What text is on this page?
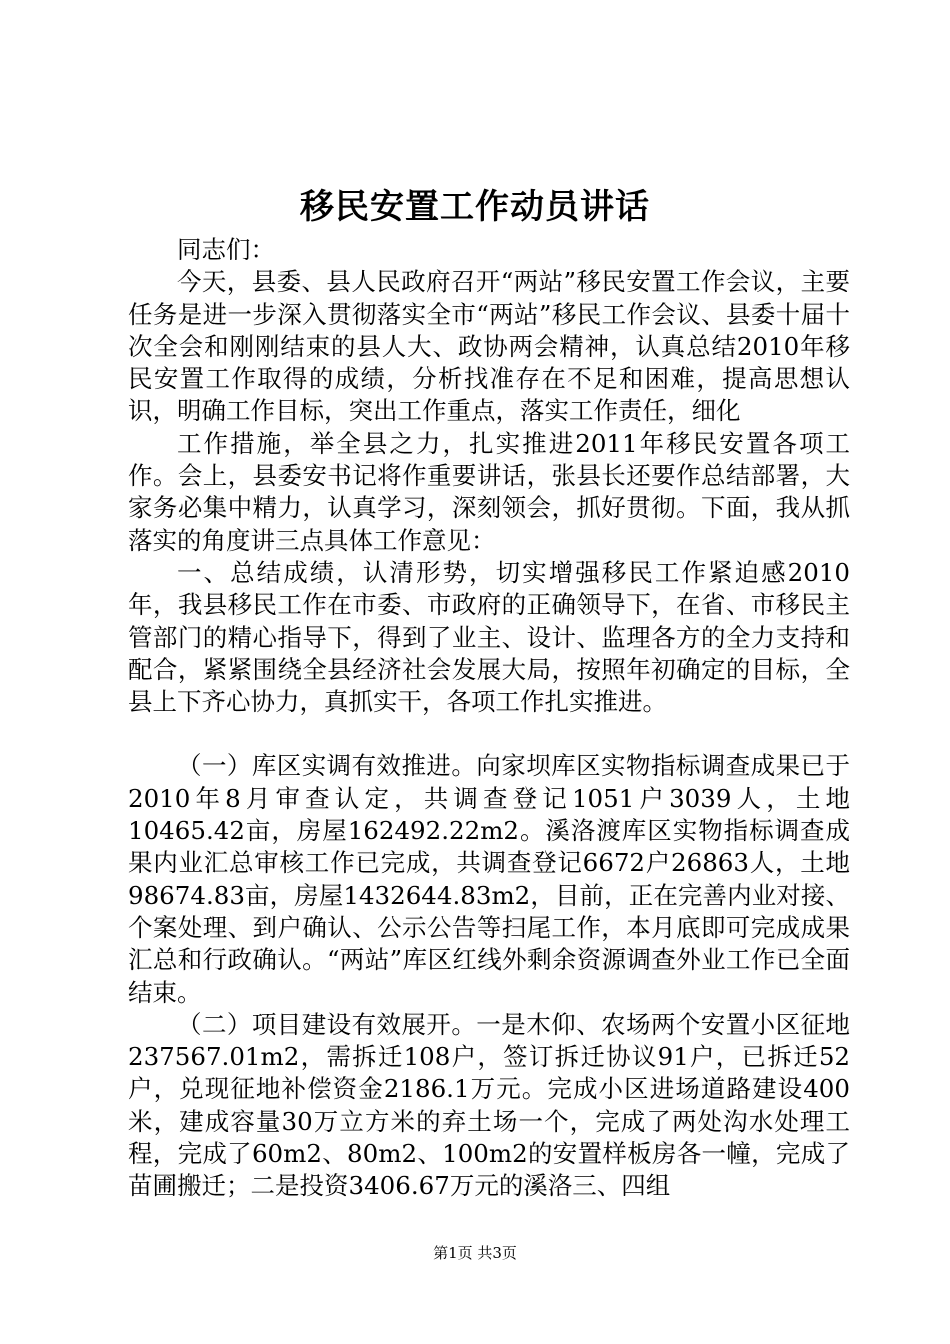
移民安置工作动员讲话

同志们：

今天，县委、县人民政府召开“两站”移民安置工作会议，主要任务是进一步深入贯彻落实全市“两站”移民工作会议、县委十届十次全会和刚刚结束的县人大、政协两会精神，认真总结2010年移民安置工作取得的成绩，分析找准存在不足和困难，提高思想认识，明确工作目标，突出工作重点，落实工作责任，细化

工作措施，举全县之力，扎实推进2011年移民安置各项工作。会上，县委安书记将作重要讲话，张县长还要作总结部署，大家务必集中精力，认真学习，深刻领会，抓好贯彻。下面，我从抓落实的角度讲三点具体工作意见：

一、总结成绩，认清形势，切实增强移民工作紧迫感2010年，我县移民工作在市委、市政府的正确领导下，在省、市移民主管部门的精心指导下，得到了业主、设计、监理各方的全力支持和配合，紧紧围绕全县经济社会发展大局，按照年初确定的目标，全县上下齐心协力，真抓实干，各项工作扎实推进。

（一）库区实调有效推进。向家坝库区实物指标调查成果已于2010年8月审查认定，共调查登记1051户3039人，土地10465.42亩，房屋162492.22m2。溪洛渡库区实物指标调查成果内业汇总审核工作已完成，共调查登记6672户26863人，土地98674.83亩，房屋1432644.83m2，目前，正在完善内业对接、个案处理、到户确认、公示公告等扫尾工作，本月底即可完成成果汇总和行政确认。“两站”库区红线外剩余资源调查外业工作已全面结束。

（二）项目建设有效展开。一是木仰、农场两个安置小区征地237567.01m2，需拆迁108户，签订拆迁协议91户，已拆迁52户，兑现征地补偿资金2186.1万元。完成小区进场道路建设400米，建成容量30万立方米的弃土场一个，完成了两处沟水处理工程，完成了60m2、80m2、100m2的安置样板房各一幢，完成了苗圃搬迁；二是投资3406.67万元的溪洛三、四组

第1页 共3页
